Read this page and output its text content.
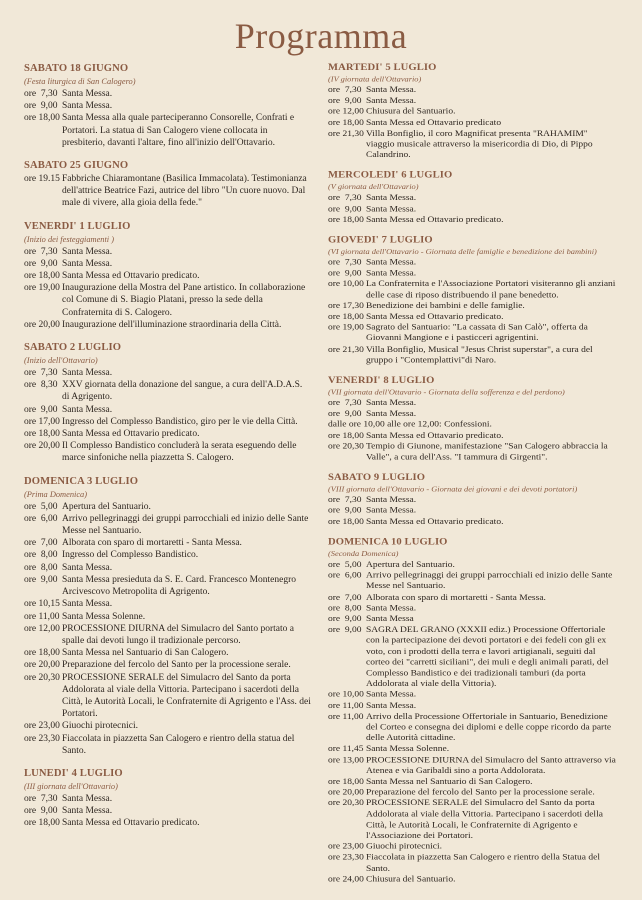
Programma
SABATO 18 GIUGNO
(Festa liturgica di San Calogero)
ore  7,30 Santa Messa.
ore  9,00 Santa Messa.
ore 18,00 Santa Messa alla quale parteciperanno Consorelle, Confrati e Portatori. La statua di San Calogero viene collocata in presbiterio, davanti l'altare, fino all'inizio dell'Ottavario.
SABATO 25 GIUGNO
ore 19.15 Fabbriche Chiaramontane (Basilica Immacolata). Testimonianza dell'attrice Beatrice Fazi, autrice del libro "Un cuore nuovo. Dal male di vivere, alla gioia della fede."
VENERDI' 1 LUGLIO
(Inizio dei festeggiamenti )
ore  7,30 Santa Messa.
ore  9,00 Santa Messa.
ore 18,00 Santa Messa ed Ottavario predicato.
ore 19,00 Inaugurazione della Mostra del Pane artistico. In collaborazione col Comune di S. Biagio Platani, presso la sede della Confraternita di S. Calogero.
ore 20,00 Inaugurazione dell'illuminazione straordinaria della Città.
SABATO 2 LUGLIO
(Inizio dell'Ottavario)
ore  7,30 Santa Messa.
ore  8,30 XXV giornata della donazione del sangue, a cura dell'A.D.A.S. di Agrigento.
ore  9,00 Santa Messa.
ore 17,00 Ingresso del Complesso Bandistico, giro per le vie della Città.
ore 18,00 Santa Messa ed Ottavario predicato.
ore 20,00 Il Complesso Bandistico concluderà la serata eseguendo delle marce sinfoniche nella piazzetta S. Calogero.
DOMENICA 3 LUGLIO
(Prima Domenica)
ore  5,00 Apertura del Santuario.
ore  6,00 Arrivo pellegrinaggi dei gruppi parrocchiali ed inizio delle Sante Messe nel Santuario.
ore  7,00 Alborata con sparo di mortaretti - Santa Messa.
ore  8,00 Ingresso del Complesso Bandistico.
ore  8,00 Santa Messa.
ore  9,00 Santa Messa presieduta da S. E. Card. Francesco Montenegro Arcivescovo Metropolita di Agrigento.
ore 10,15 Santa Messa.
ore 11,00 Santa Messa Solenne.
ore 12,00 PROCESSIONE DIURNA del Simulacro del Santo portato a spalle dai devoti lungo il tradizionale percorso.
ore 18,00 Santa Messa nel Santuario di San Calogero.
ore 20,00 Preparazione del fercolo del Santo per la processione serale.
ore 20,30 PROCESSIONE SERALE del Simulacro del Santo da porta Addolorata al viale della Vittoria. Partecipano i sacerdoti della Città, le Autorità Locali, le Confraternite di Agrigento e l'Ass. dei Portatori.
ore 23,00 Giuochi pirotecnici.
ore 23,30 Fiaccolata in piazzetta San Calogero e rientro della statua del Santo.
LUNEDI' 4 LUGLIO
(III giornata dell'Ottavario)
ore  7,30 Santa Messa.
ore  9,00 Santa Messa.
ore 18,00 Santa Messa ed Ottavario predicato.
MARTEDI' 5 LUGLIO
(IV giornata dell'Ottavario)
ore  7,30 Santa Messa.
ore  9,00 Santa Messa.
ore 12,00 Chiusura del Santuario.
ore 18,00 Santa Messa ed Ottavario predicato
ore 21,30 Villa Bonfiglio, il coro Magnificat presenta "RAHAMIM" viaggio musicale attraverso la misericordia di Dio, di Pippo Calandrino.
MERCOLEDI' 6 LUGLIO
(V giornata dell'Ottavario)
ore  7,30 Santa Messa.
ore  9,00 Santa Messa.
ore 18,00 Santa Messa ed Ottavario predicato.
GIOVEDI' 7 LUGLIO
(VI giornata dell'Ottavario - Giornata delle famiglie e benedizione dei bambini)
ore  7,30 Santa Messa.
ore  9,00 Santa Messa.
ore 10,00 La Confraternita e l'Associazione Portatori visiteranno gli anziani delle case di riposo distribuendo il pane benedetto.
ore 17,30 Benedizione dei bambini e delle famiglie.
ore 18,00 Santa Messa ed Ottavario predicato.
ore 19,00 Sagrato del Santuario: "La cassata di San Calò", offerta da Giovanni Mangione e i pasticceri agrigentini.
ore 21,30 Villa Bonfiglio, Musical "Jesus Christ superstar", a cura del gruppo i "Contemplattivi"di Naro.
VENERDI' 8 LUGLIO
(VII giornata dell'Ottavario - Giornata della sofferenza e del perdono)
ore  7,30 Santa Messa.
ore  9,00 Santa Messa.
dalle ore 10,00 alle ore 12,00: Confessioni.
ore 18,00 Santa Messa ed Ottavario predicato.
ore 20,30 Tempio di Giunone, manifestazione "San Calogero abbraccia la Valle", a cura dell'Ass. "I tammura di Girgenti".
SABATO 9 LUGLIO
(VIII giornata dell'Ottavario - Giornata dei giovani e dei devoti portatori)
ore  7,30 Santa Messa.
ore  9,00 Santa Messa.
ore 18,00 Santa Messa ed Ottavario predicato.
DOMENICA 10 LUGLIO
(Seconda Domenica)
ore  5,00 Apertura del Santuario.
ore  6,00 Arrivo pellegrinaggi dei gruppi parrocchiali ed inizio delle Sante Messe nel Santuario.
ore  7,00 Alborata con sparo di mortaretti - Santa Messa.
ore  8,00 Santa Messa.
ore  9,00 Santa Messa
ore  9,00 SAGRA DEL GRANO (XXXII ediz.) Processione Offertoriale con la partecipazione dei devoti portatori e dei fedeli con gli ex voto, con i prodotti della terra e lavori artigianali, seguiti dal corteo dei "carretti siciliani", dei muli e degli animali parati, del Complesso Bandistico e dei tradizionali tamburi (da porta Addolorata al viale della Vittoria).
ore 10,00 Santa Messa.
ore 11,00 Santa Messa.
ore 11,00 Arrivo della Processione Offertoriale in Santuario, Benedizione del Corteo e consegna dei diplomi e delle coppe ricordo da parte delle Autorità cittadine.
ore 11,45 Santa Messa Solenne.
ore 13,00 PROCESSIONE DIURNA del Simulacro del Santo attraverso via Atenea e via Garibaldi sino a porta Addolorata.
ore 18,00 Santa Messa nel Santuario di San Calogero.
ore 20,00 Preparazione del fercolo del Santo per la processione serale.
ore 20,30 PROCESSIONE SERALE del Simulacro del Santo da porta Addolorata al viale della Vittoria. Partecipano i sacerdoti della Città, le Autorità Locali, le Confraternite di Agrigento e l'Associazione dei Portatori.
ore 23,00 Giuochi pirotecnici.
ore 23,30 Fiaccolata in piazzetta San Calogero e rientro della Statua del Santo.
ore 24,00 Chiusura del Santuario.
